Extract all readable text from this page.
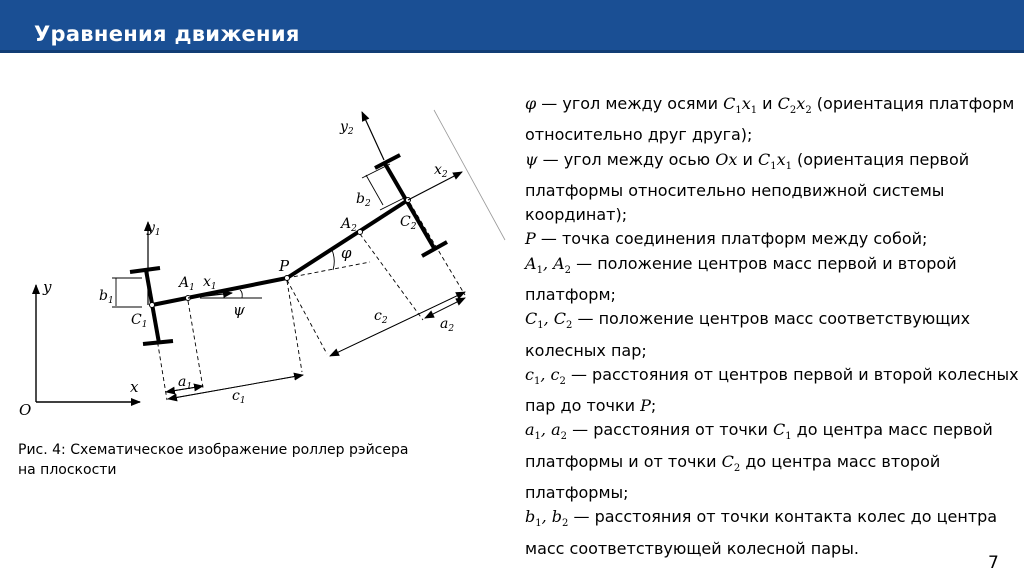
Уравнения движения
y
O
x
$y_1$
$b_1$
$C_1$
$A_1$ $x_1$
ψ
$a_1$
$c_1$
P
φ
$y_2$
$x_2$
$b_2$
$A_2$	$C_2$
$c_2$	$a_2$
Рис. 4: Схематическое изображение роллер рэйсера
на плоскости

φ — угол между осями $C_1x_1$ и $C_2x_2$ (ориентация платформ относительно друг друга);

ψ — угол между осью Ox и $C_1x_1$ (ориентация первой платформы относительно неподвижной системы координат);

P — точка соединения платформ между собой;

$A_1$, $A_2$ — положение центров масс первой и второй платформ;

$C_1$, $C_2$ — положение центров масс соответствующих колесных пар;

$c_1$, $c_2$ — расстояния от центров первой и второй колесных пар до точки P;

$a_1$, $a_2$ — расстояния от точки $C_1$ до центра масс первой платформы и от точки $C_2$ до центра масс второй платформы;

$b_1$, $b_2$ — расстояния от точки контакта колес до центра масс соответствующей колесной пары.

7
